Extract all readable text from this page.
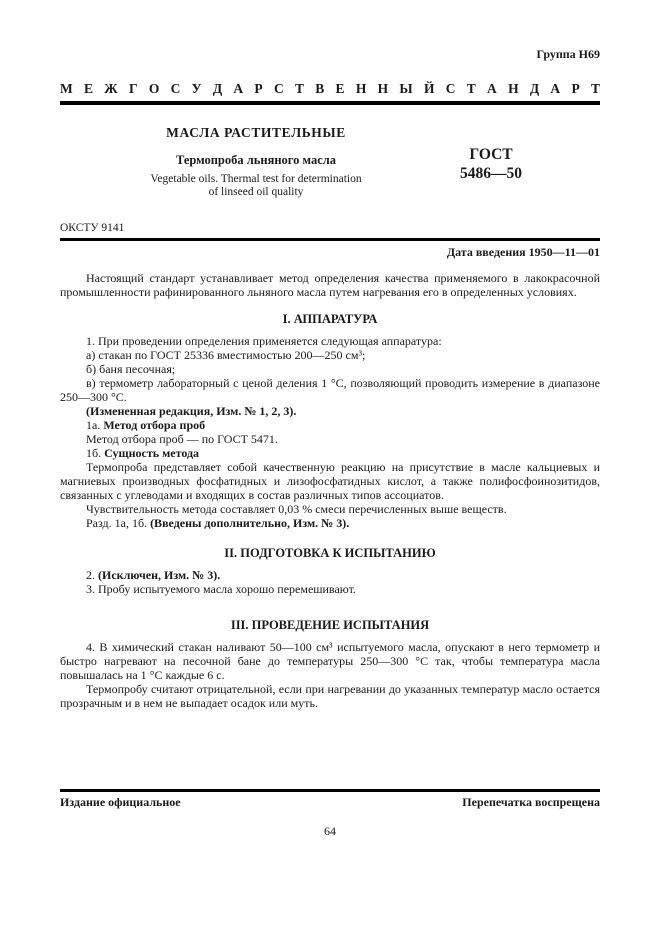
Группа Н69
М Е Ж Г О С У Д А Р С Т В Е Н Н Ы Й С Т А Н Д А Р Т
МАСЛА РАСТИТЕЛЬНЫЕ
Термопроба льняного масла
Vegetable oils. Thermal test for determination
of linseed oil quality
ГОСТ
5486—50
ОКСТУ 9141
Дата введения 1950—11—01

Настоящий стандарт устанавливает метод определения качества применяемого в лакокрасочной промышленности рафинированного льняного масла путем нагревания его в определенных условиях.

I. АППАРАТУРА
1. При проведении определения применяется следующая аппаратура:
а) стакан по ГОСТ 25336 вместимостью 200—250 см³;
б) баня песочная;

в) термометр лабораторный с ценой деления 1 °С, позволяющий проводить измерение в диапазоне 250—300 °С.

(Измененная редакция, Изм. № 1, 2, 3).
1а. Метод отбора проб
Метод отбора проб — по ГОСТ 5471.
1б. Сущность метода

Термопроба представляет собой качественную реакцию на присутствие в масле кальциевых и магниевых производных фосфатидных и лизофосфатидных кислот, а также полифосфоинозитидов, связанных с углеводами и входящих в состав различных типов ассоциатов.

Чувствительность метода составляет 0,03 % смеси перечисленных выше веществ.
Разд. 1а, 1б. (Введены дополнительно, Изм. № 3).
II. ПОДГОТОВКА К ИСПЫТАНИЮ
2. (Исключен, Изм. № 3).
3. Пробу испытуемого масла хорошо перемешивают.
III. ПРОВЕДЕНИЕ ИСПЫТАНИЯ

4. В химический стакан наливают 50—100 см³ испытуемого масла, опускают в него термометр и быстро нагревают на песочной бане до температуры 250—300 °С так, чтобы температура масла повышалась на 1 °С каждые 6 с.

Термопробу считают отрицательной, если при нагревании до указанных температур масло остается прозрачным и в нем не выпадает осадок или муть.

Издание официальное	Перепечатка воспрещена
64
